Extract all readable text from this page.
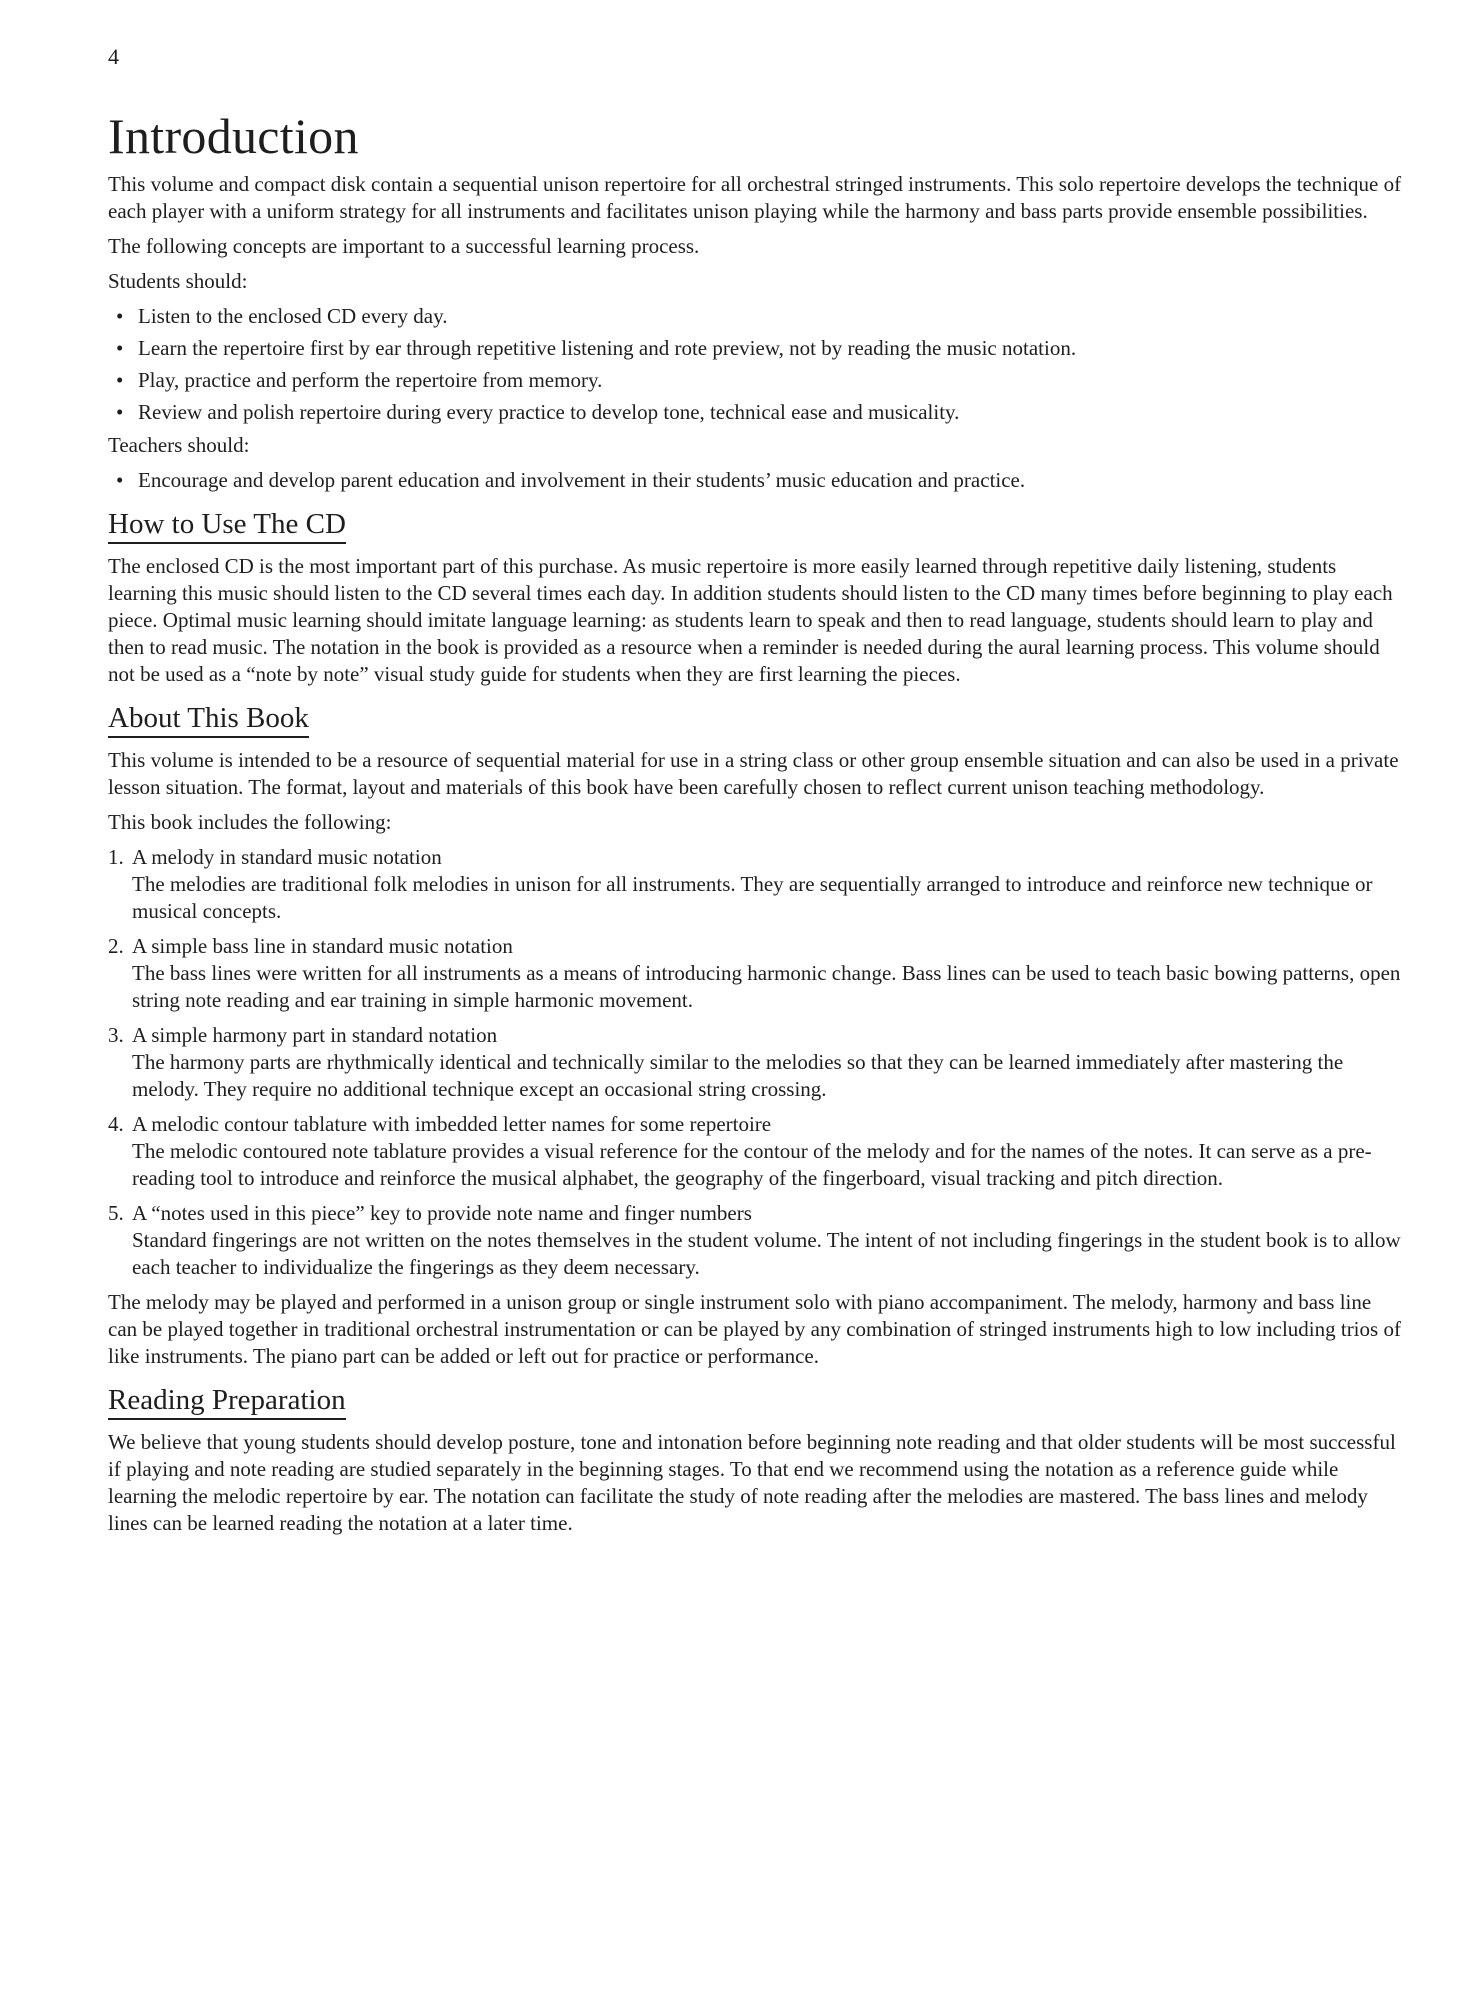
4

Introduction

This volume and compact disk contain a sequential unison repertoire for all orchestral stringed instruments. This solo repertoire develops the technique of each player with a uniform strategy for all instruments and facilitates unison playing while the harmony and bass parts provide ensemble possibilities.

The following concepts are important to a successful learning process.

Students should:

• Listen to the enclosed CD every day.
• Learn the repertoire first by ear through repetitive listening and rote preview, not by reading the music notation.
• Play, practice and perform the repertoire from memory.
• Review and polish repertoire during every practice to develop tone, technical ease and musicality.

Teachers should:

• Encourage and develop parent education and involvement in their students’ music education and practice.
How to Use The CD

The enclosed CD is the most important part of this purchase. As music repertoire is more easily learned through repetitive daily listening, students learning this music should listen to the CD several times each day. In addition students should listen to the CD many times before beginning to play each piece. Optimal music learning should imitate language learning: as students learn to speak and then to read language, students should learn to play and then to read music. The notation in the book is provided as a resource when a reminder is needed during the aural learning process. This volume should not be used as a “note by note” visual study guide for students when they are first learning the pieces.

About This Book

This volume is intended to be a resource of sequential material for use in a string class or other group ensemble situation and can also be used in a private lesson situation. The format, layout and materials of this book have been carefully chosen to reflect current unison teaching methodology.

This book includes the following:

1. A melody in standard music notation
The melodies are traditional folk melodies in unison for all instruments. They are sequentially arranged to introduce and reinforce new technique or musical concepts.
2. A simple bass line in standard music notation
The bass lines were written for all instruments as a means of introducing harmonic change. Bass lines can be used to teach basic bowing patterns, open string note reading and ear training in simple harmonic movement.
3. A simple harmony part in standard notation
The harmony parts are rhythmically identical and technically similar to the melodies so that they can be learned immediately after mastering the melody. They require no additional technique except an occasional string crossing.
4. A melodic contour tablature with imbedded letter names for some repertoire
The melodic contoured note tablature provides a visual reference for the contour of the melody and for the names of the notes. It can serve as a pre-reading tool to introduce and reinforce the musical alphabet, the geography of the fingerboard, visual tracking and pitch direction.
5. A “notes used in this piece” key to provide note name and finger numbers
Standard fingerings are not written on the notes themselves in the student volume. The intent of not including fingerings in the student book is to allow each teacher to individualize the fingerings as they deem necessary.

The melody may be played and performed in a unison group or single instrument solo with piano accompaniment. The melody, harmony and bass line can be played together in traditional orchestral instrumentation or can be played by any combination of stringed instruments high to low including trios of like instruments. The piano part can be added or left out for practice or performance.

Reading Preparation

We believe that young students should develop posture, tone and intonation before beginning note reading and that older students will be most successful if playing and note reading are studied separately in the beginning stages. To that end we recommend using the notation as a reference guide while learning the melodic repertoire by ear. The notation can facilitate the study of note reading after the melodies are mastered. The bass lines and melody lines can be learned reading the notation at a later time.
